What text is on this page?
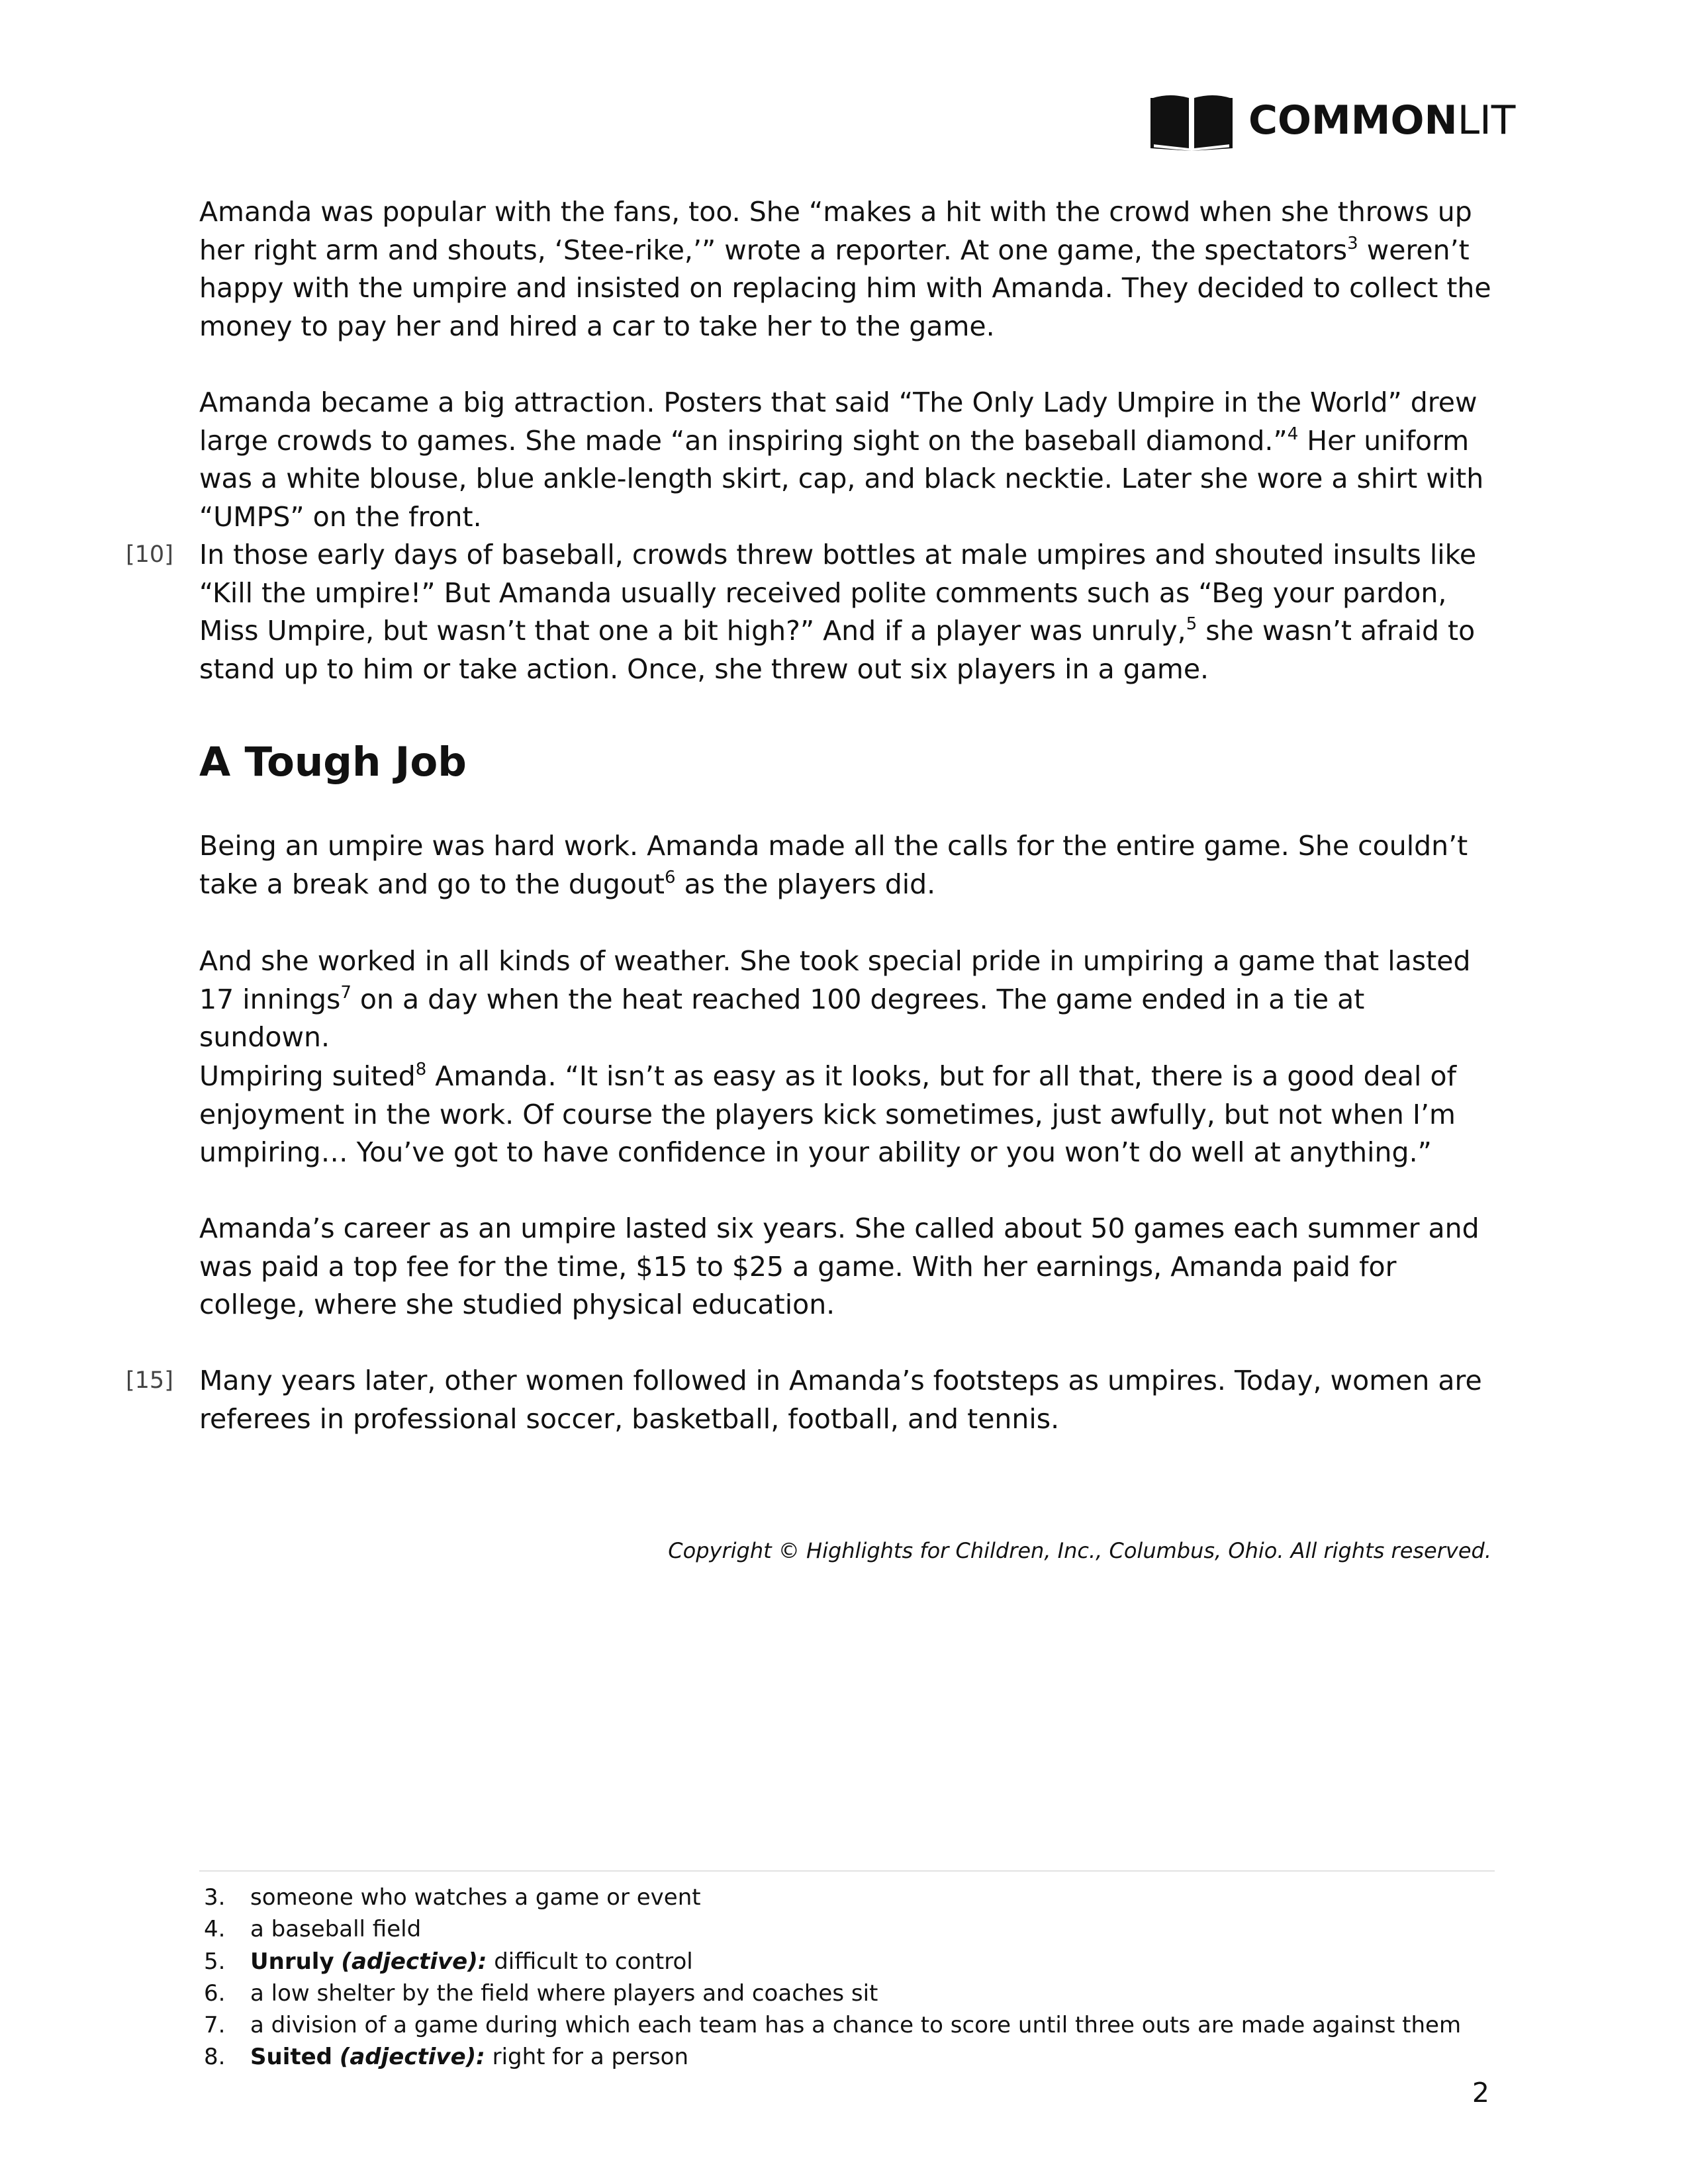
COMMONLIT

Amanda was popular with the fans, too. She “makes a hit with the crowd when she throws up her right arm and shouts, ‘Stee-rike,’” wrote a reporter. At one game, the spectators$^3$ weren’t happy with the umpire and insisted on replacing him with Amanda. They decided to collect the money to pay her and hired a car to take her to the game.

Amanda became a big attraction. Posters that said “The Only Lady Umpire in the World” drew large crowds to games. She made “an inspiring sight on the baseball diamond.”$^4$ Her uniform was a white blouse, blue ankle-length skirt, cap, and black necktie. Later she wore a shirt with “UMPS” on the front.

[10] In those early days of baseball, crowds threw bottles at male umpires and shouted insults like “Kill the umpire!” But Amanda usually received polite comments such as “Beg your pardon, Miss Umpire, but wasn’t that one a bit high?” And if a player was unruly,$^5$ she wasn’t afraid to stand up to him or take action. Once, she threw out six players in a game.

A Tough Job

Being an umpire was hard work. Amanda made all the calls for the entire game. She couldn’t take a break and go to the dugout$^6$ as the players did.

And she worked in all kinds of weather. She took special pride in umpiring a game that lasted 17 innings$^7$ on a day when the heat reached 100 degrees. The game ended in a tie at sundown.

Umpiring suited$^8$ Amanda. “It isn’t as easy as it looks, but for all that, there is a good deal of enjoyment in the work. Of course the players kick sometimes, just awfully, but not when I’m umpiring… You’ve got to have confidence in your ability or you won’t do well at anything.”

Amanda’s career as an umpire lasted six years. She called about 50 games each summer and was paid a top fee for the time, $15 to $25 a game. With her earnings, Amanda paid for college, where she studied physical education.

[15] Many years later, other women followed in Amanda’s footsteps as umpires. Today, women are referees in professional soccer, basketball, football, and tennis.

Copyright © Highlights for Children, Inc., Columbus, Ohio. All rights reserved.

3.	someone who watches a game or event
4.	a baseball field
5.	Unruly
(adjective):
difficult to control
6.	a low shelter by the field where players and coaches sit
7.	a division of a game during which each team has a chance to score until three outs are made against them
8.	Suited
(adjective):
right for a person

2
